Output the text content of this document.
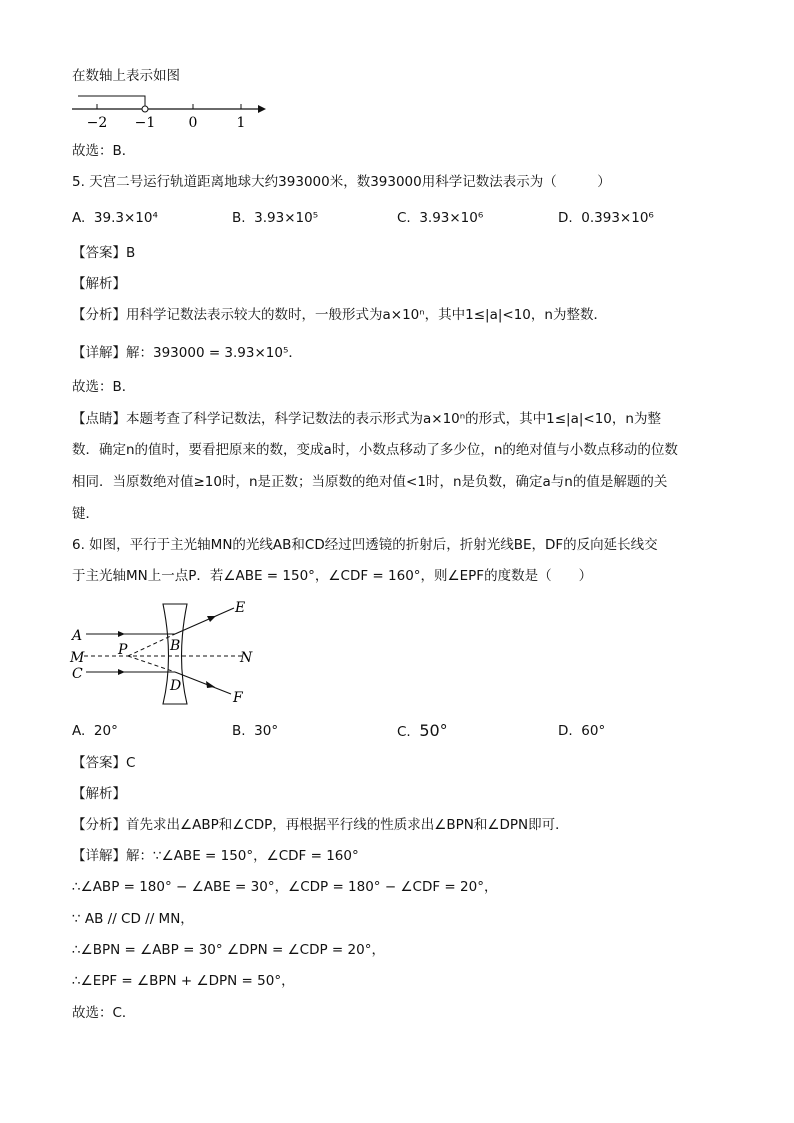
在数轴上表示如图
−2 −1 0	1
故选：B．
5. 天宫二号运行轨道距离地球大约393000米，数393000用科学记数法表示为（　　　）
A. 39.3×10⁴	B. 3.93×10⁵	C. 3.93×10⁶	D. 0.393×10⁶
【答案】B
【解析】
【分析】用科学记数法表示较大的数时，一般形式为a×10ⁿ，其中1≤|a|<10，n为整数．
【详解】解：393000 = 3.93×10⁵．
故选：B．
【点睛】本题考查了科学记数法，科学记数法的表示形式为a×10ⁿ的形式，其中1≤|a|<10，n为整
数．确定n的值时，要看把原来的数，变成a时，小数点移动了多少位，n的绝对值与小数点移动的位数
相同．当原数绝对值≥10时，n是正数；当原数的绝对值<1时，n是负数，确定a与n的值是解题的关
键．
6. 如图，平行于主光轴MN的光线AB和CD经过凹透镜的折射后，折射光线BE，DF的反向延长线交
于主光轴MN上一点P．若∠ABE = 150°，∠CDF = 160°，则∠EPF的度数是（　　）
A
M
C
P	B
D
E
N
F
A. 20°	B. 30°	C. 50°	D. 60°
【答案】C
【解析】
【分析】首先求出∠ABP和∠CDP，再根据平行线的性质求出∠BPN和∠DPN即可．
【详解】解：∵∠ABE = 150°，∠CDF = 160°
∴∠ABP = 180° − ∠ABE = 30°，∠CDP = 180° − ∠CDF = 20°，
∵ AB // CD // MN，
∴∠BPN = ∠ABP = 30° ∠DPN = ∠CDP = 20°，
∴∠EPF = ∠BPN + ∠DPN = 50°，
故选：C．
